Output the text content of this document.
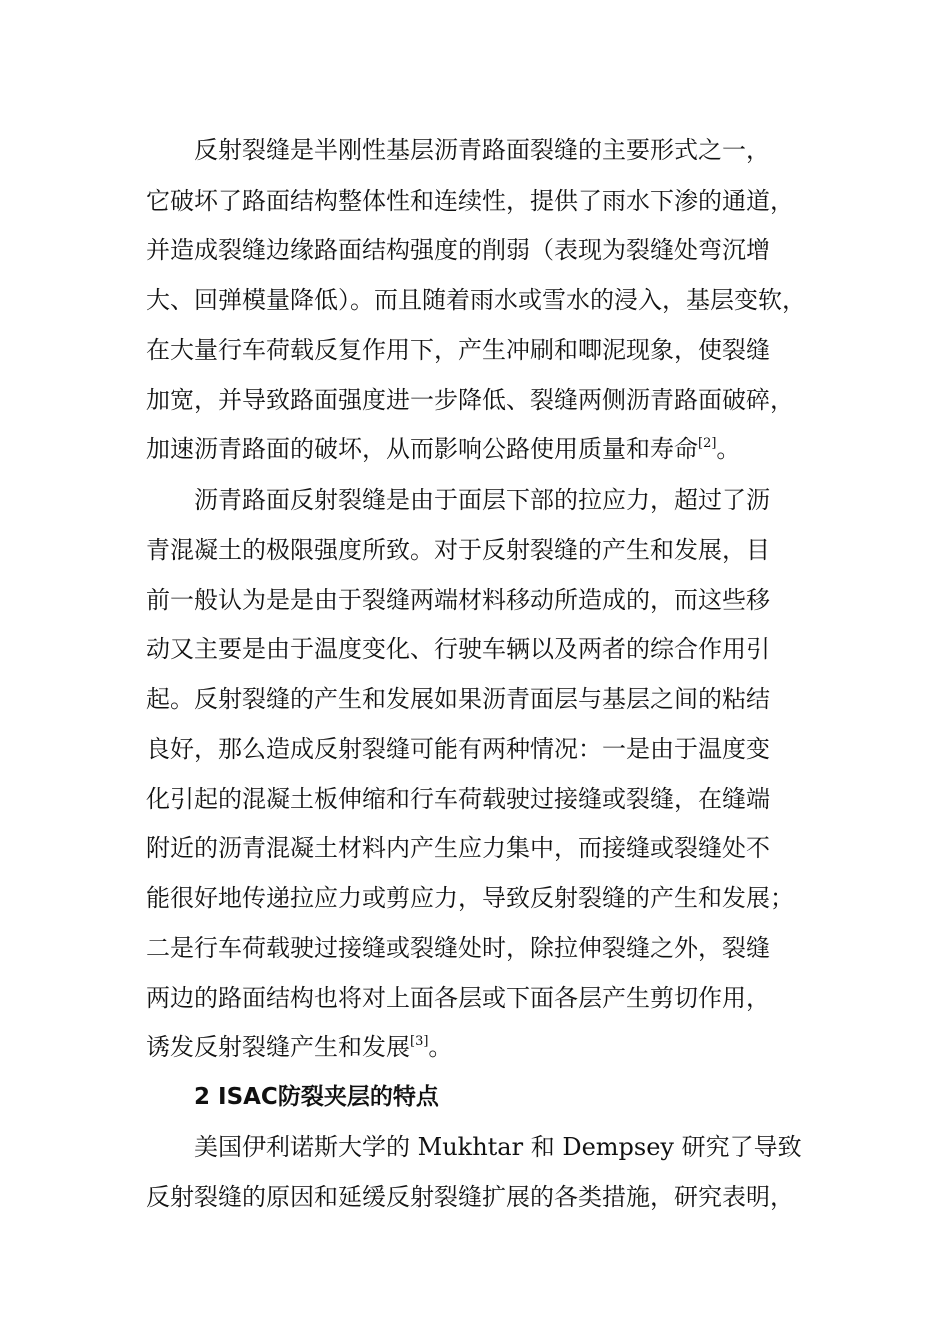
反射裂缝是半刚性基层沥青路面裂缝的主要形式之一，
它破坏了路面结构整体性和连续性，提供了雨水下渗的通道，
并造成裂缝边缘路面结构强度的削弱（表现为裂缝处弯沉增
大、回弹模量降低）。而且随着雨水或雪水的浸入，基层变软，
在大量行车荷载反复作用下，产生冲刷和唧泥现象，使裂缝
加宽，并导致路面强度进一步降低、裂缝两侧沥青路面破碎，
加速沥青路面的破坏，从而影响公路使用质量和寿命[2]。
沥青路面反射裂缝是由于面层下部的拉应力，超过了沥
青混凝土的极限强度所致。对于反射裂缝的产生和发展，目
前一般认为是是由于裂缝两端材料移动所造成的，而这些移
动又主要是由于温度变化、行驶车辆以及两者的综合作用引
起。反射裂缝的产生和发展如果沥青面层与基层之间的粘结
良好，那么造成反射裂缝可能有两种情况：一是由于温度变
化引起的混凝土板伸缩和行车荷载驶过接缝或裂缝，在缝端
附近的沥青混凝土材料内产生应力集中，而接缝或裂缝处不
能很好地传递拉应力或剪应力，导致反射裂缝的产生和发展；
二是行车荷载驶过接缝或裂缝处时，除拉伸裂缝之外，裂缝
两边的路面结构也将对上面各层或下面各层产生剪切作用，
诱发反射裂缝产生和发展[3]。
2 ISAC防裂夹层的特点
美国伊利诺斯大学的 Mukhtar 和 Dempsey 研究了导致
反射裂缝的原因和延缓反射裂缝扩展的各类措施，研究表明，
